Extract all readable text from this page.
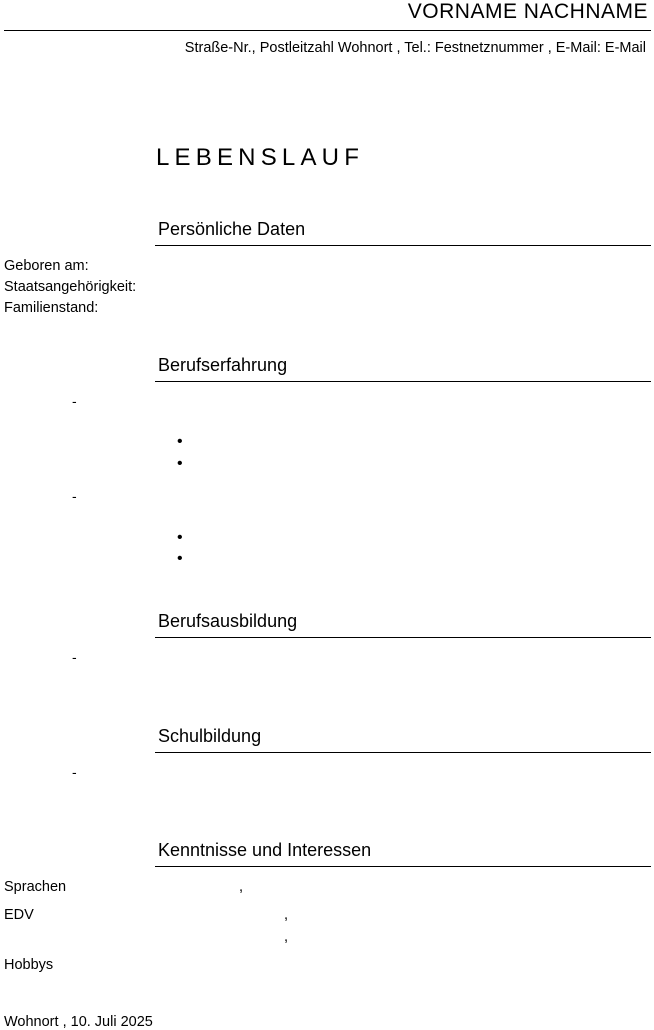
VORNAME NACHNAME
Straße-Nr., Postleitzahl Wohnort , Tel.: Festnetznummer , E-Mail: E-Mail
LEBENSLAUF
Persönliche Daten
Geboren am:
Staatsangehörigkeit:
Familienstand:
Berufserfahrung
-
•
•
-
•
•
Berufsausbildung
-
Schulbildung
-
Kenntnisse und Interessen
Sprachen	,
EDV	,
,
Hobbys
Wohnort , 10. Juli 2025
